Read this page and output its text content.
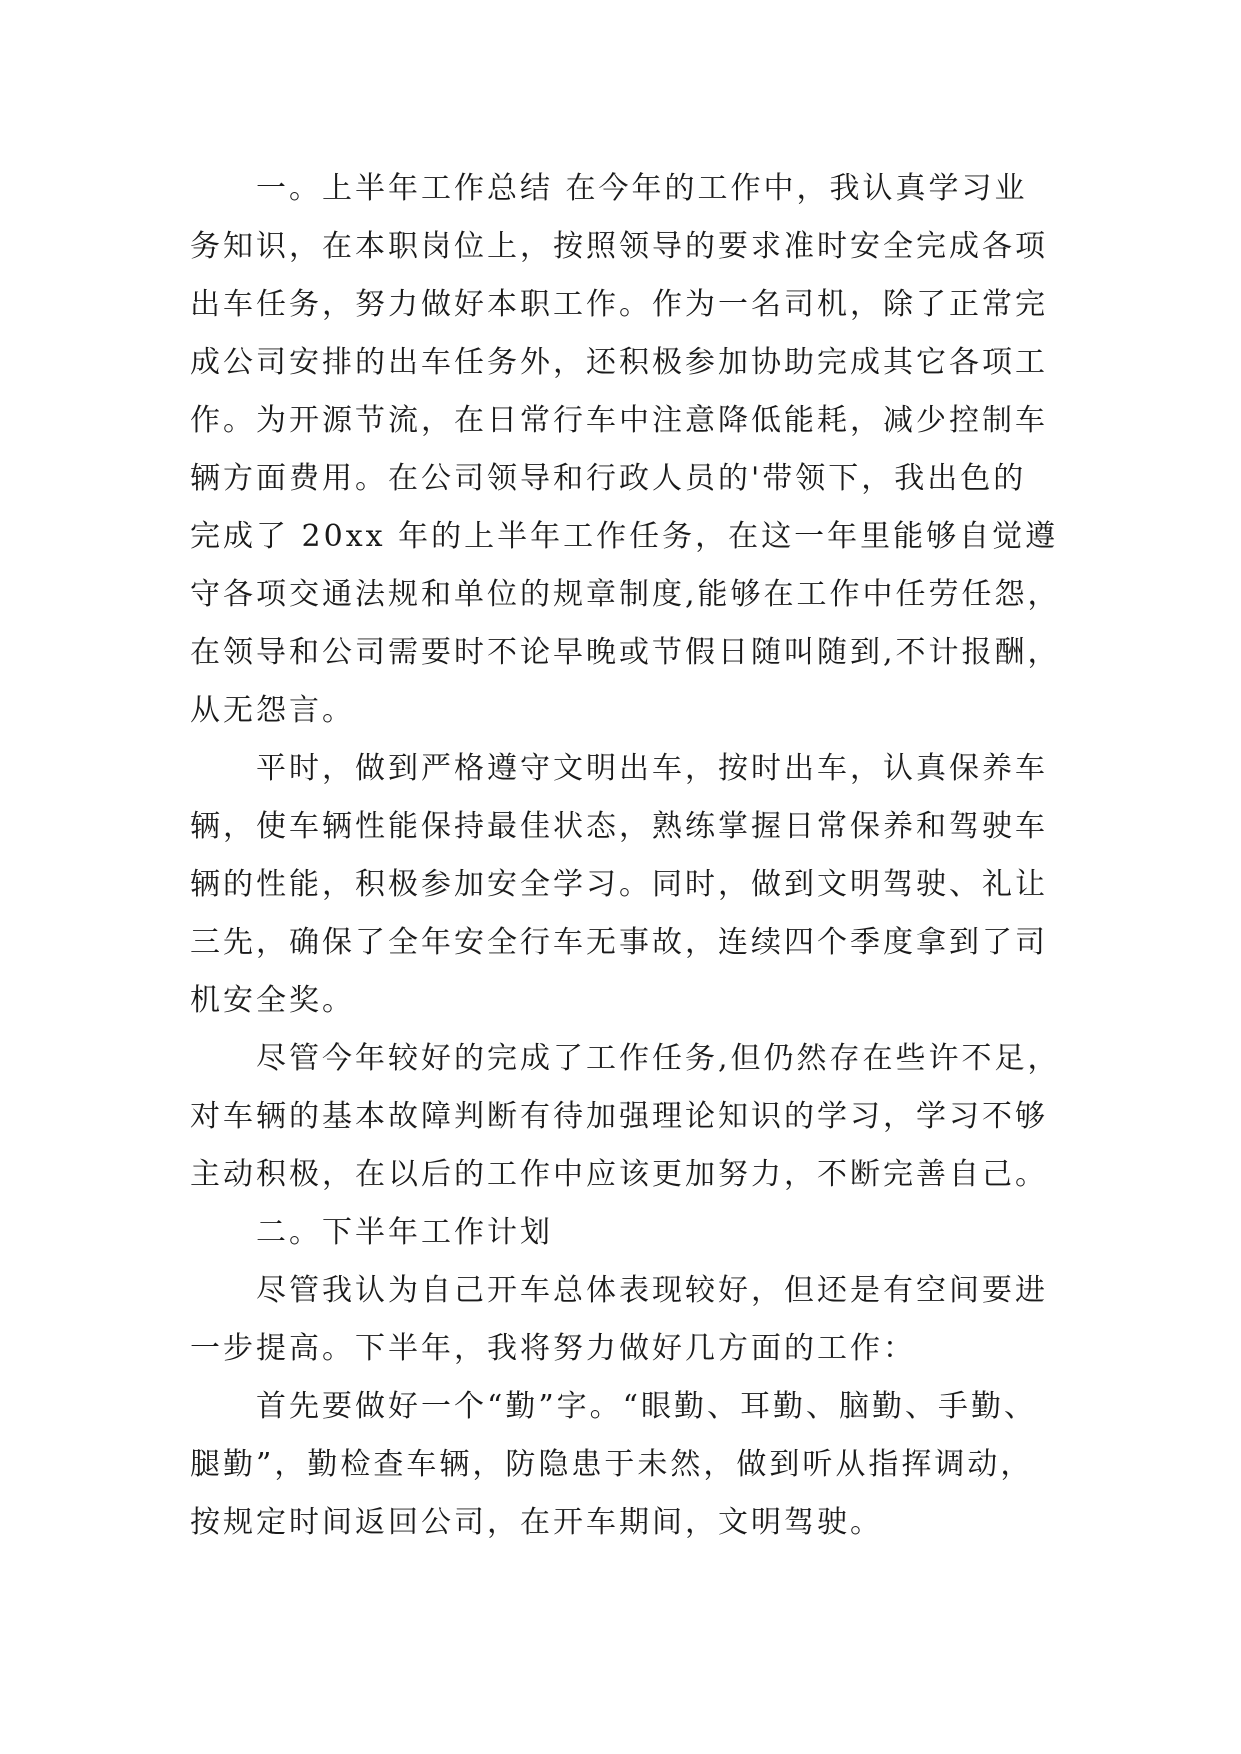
一。上半年工作总结 在今年的工作中，我认真学习业
务知识，在本职岗位上，按照领导的要求准时安全完成各项
出车任务，努力做好本职工作。作为一名司机，除了正常完
成公司安排的出车任务外，还积极参加协助完成其它各项工
作。为开源节流，在日常行车中注意降低能耗，减少控制车
辆方面费用。在公司领导和行政人员的'带领下，我出色的
完成了 20xx 年的上半年工作任务，在这一年里能够自觉遵
守各项交通法规和单位的规章制度,能够在工作中任劳任怨，
在领导和公司需要时不论早晚或节假日随叫随到,不计报酬，
从无怨言。
平时，做到严格遵守文明出车，按时出车，认真保养车
辆，使车辆性能保持最佳状态，熟练掌握日常保养和驾驶车
辆的性能，积极参加安全学习。同时，做到文明驾驶、礼让
三先，确保了全年安全行车无事故，连续四个季度拿到了司
机安全奖。
尽管今年较好的完成了工作任务,但仍然存在些许不足，
对车辆的基本故障判断有待加强理论知识的学习，学习不够
主动积极，在以后的工作中应该更加努力，不断完善自己。
二。下半年工作计划
尽管我认为自己开车总体表现较好，但还是有空间要进
一步提高。下半年，我将努力做好几方面的工作：
首先要做好一个“勤”字。“眼勤、耳勤、脑勤、手勤、
腿勤”，勤检查车辆，防隐患于未然，做到听从指挥调动，
按规定时间返回公司，在开车期间，文明驾驶。
